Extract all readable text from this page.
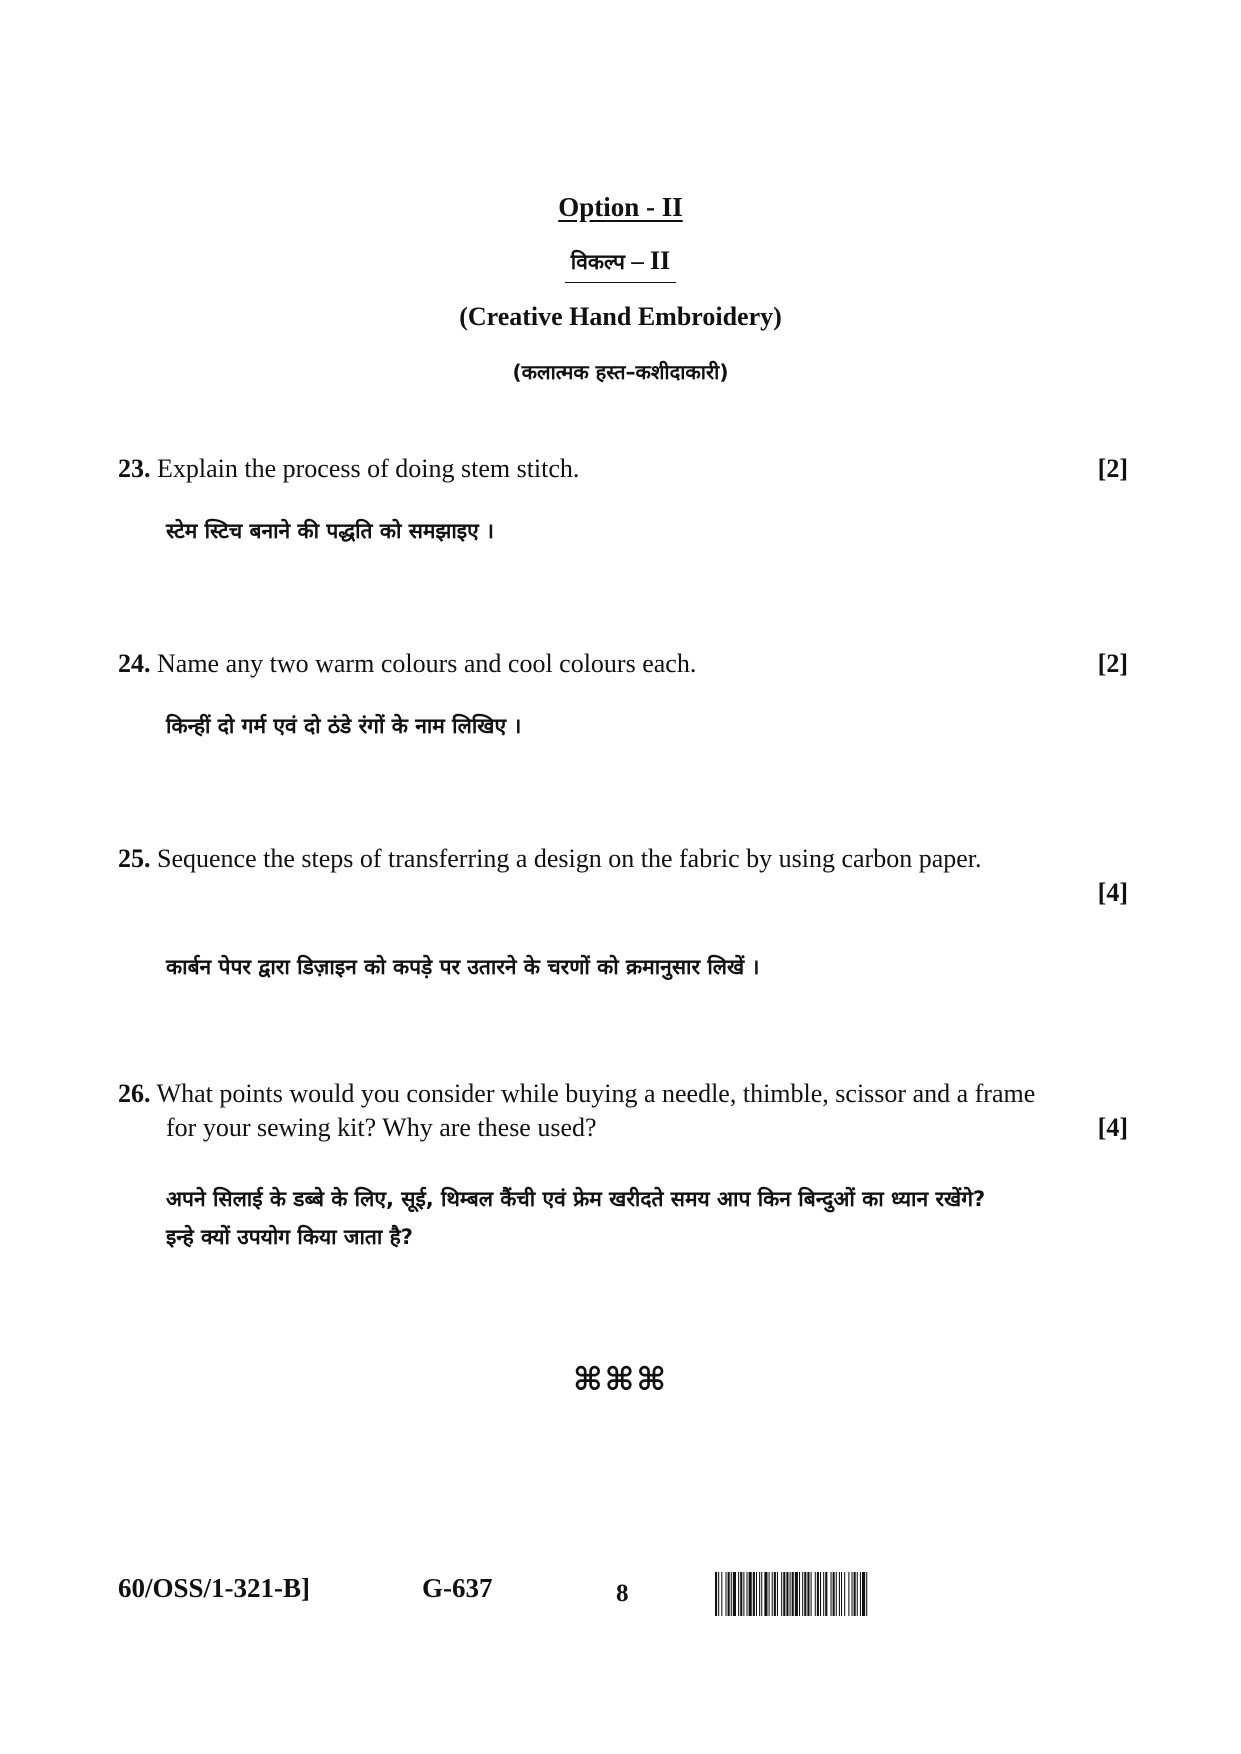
Option - II
विकल्प – II
(Creative Hand Embroidery)
(कलात्मक हस्त–कशीदाकारी)
23. Explain the process of doing stem stitch.	[2]
स्टेम स्टिच बनाने की पद्धति को समझाइए ।
24. Name any two warm colours and cool colours each.	[2]
किन्हीं दो गर्म एवं दो ठंडे रंगों के नाम लिखिए ।
25. Sequence the steps of transferring a design on the fabric by using carbon paper.
[4]
कार्बन पेपर द्वारा डिज़ाइन को कपड़े पर उतारने के चरणों को क्रमानुसार लिखें ।
26. What points would you consider while buying a needle, thimble, scissor and a frame
for your sewing kit? Why are these used?	[4]
अपने सिलाई के डब्बे के लिए, सूई, थिम्बल कैंची एवं फ्रेम खरीदते समय आप किन बिन्दुओं का ध्यान रखेंगे?
इन्हे क्यों उपयोग किया जाता है?
⌘⌘⌘
60/OSS/1-321-B]	G-637	8
